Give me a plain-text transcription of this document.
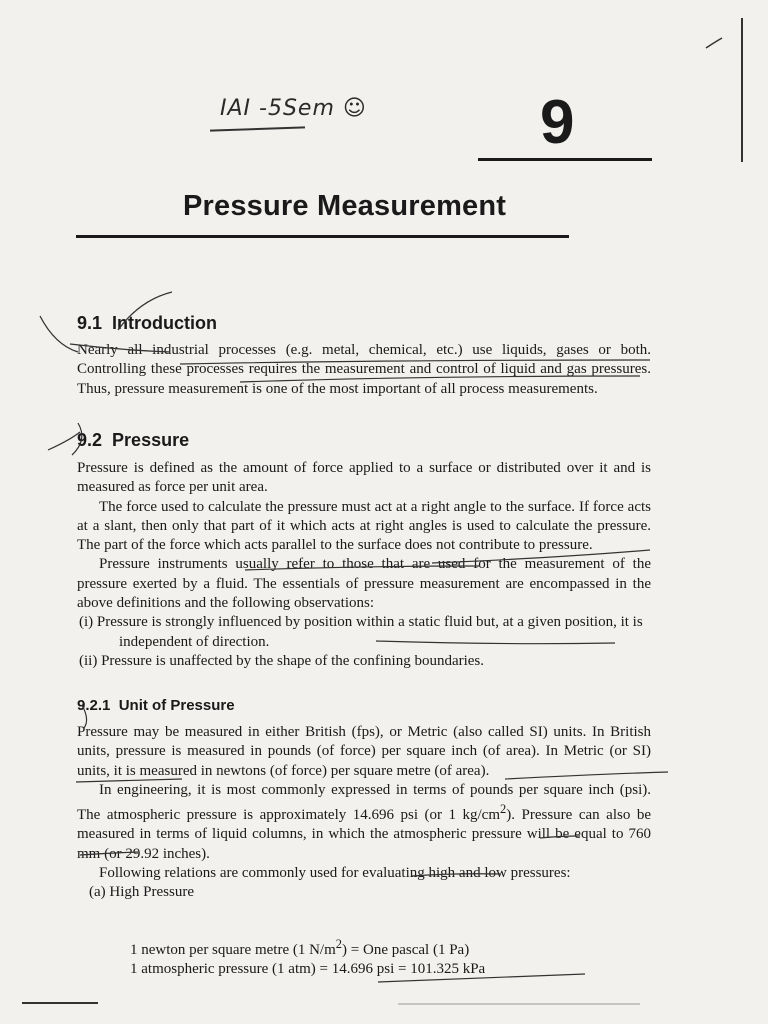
IAI -5Sem ☺	9
Pressure Measurement
9.1 Introduction

Nearly all industrial processes (e.g. metal, chemical, etc.) use liquids, gases or both. Controlling these processes requires the measurement and control of liquid and gas pressures. Thus, pressure measurement is one of the most important of all process measurements.

9.2 Pressure

Pressure is defined as the amount of force applied to a surface or distributed over it and is measured as force per unit area.

The force used to calculate the pressure must act at a right angle to the surface. If force acts at a slant, then only that part of it which acts at right angles is used to calculate the pressure. The part of the force which acts parallel to the surface does not contribute to pressure.

Pressure instruments usually refer to those that are used for the measurement of the pressure exerted by a fluid. The essentials of pressure measurement are encompassed in the above definitions and the following observations:

(i) Pressure is strongly influenced by position within a static fluid but, at a given position, it is independent of direction.
(ii) Pressure is unaffected by the shape of the confining boundaries.
9.2.1 Unit of Pressure

Pressure may be measured in either British (fps), or Metric (also called SI) units. In British units, pressure is measured in pounds (of force) per square inch (of area). In Metric (or SI) units, it is measured in newtons (of force) per square metre (of area).

In engineering, it is most commonly expressed in terms of pounds per square inch (psi). The atmospheric pressure is approximately 14.696 psi (or 1 $kg/cm^2$). Pressure can also be measured in terms of liquid columns, in which the atmospheric pressure will be equal to 760 mm (or 29.92 inches).

Following relations are commonly used for evaluating high and low pressures:

(a) High Pressure

1 newton per square metre (1 $N/m^2$) = One pascal (1 Pa)
1 atmospheric pressure (1 atm) = 14.696 psi = 101.325 kPa
